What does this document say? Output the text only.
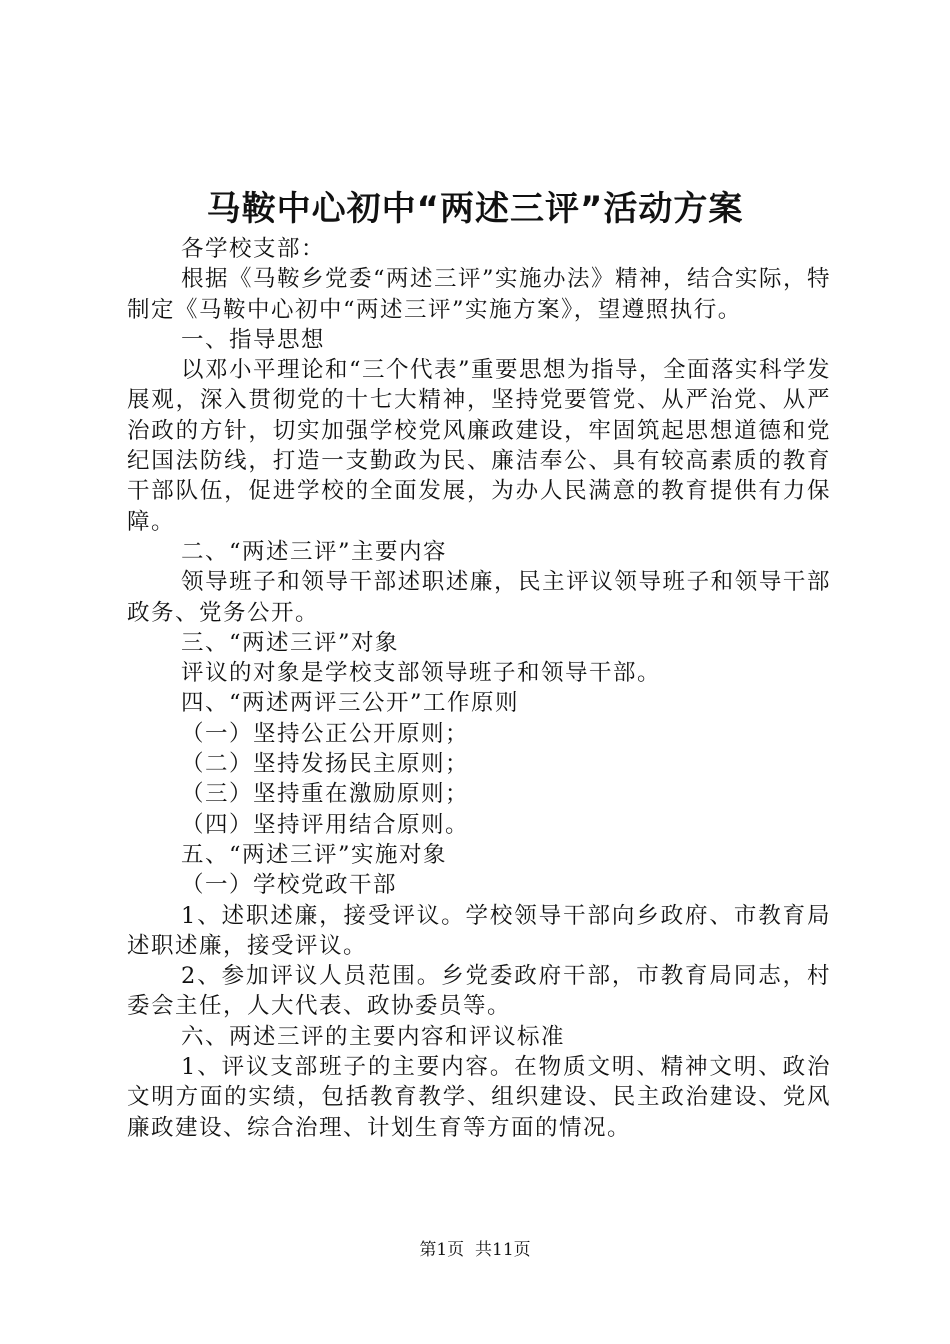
马鞍中心初中“两述三评”活动方案

各学校支部：

根据《马鞍乡党委“两述三评”实施办法》精神，结合实际，特制定《马鞍中心初中“两述三评”实施方案》，望遵照执行。

一、指导思想

以邓小平理论和“三个代表”重要思想为指导，全面落实科学发展观，深入贯彻党的十七大精神，坚持党要管党、从严治党、从严治政的方针，切实加强学校党风廉政建设，牢固筑起思想道德和党纪国法防线，打造一支勤政为民、廉洁奉公、具有较高素质的教育干部队伍，促进学校的全面发展，为办人民满意的教育提供有力保障。

二、“两述三评”主要内容

领导班子和领导干部述职述廉，民主评议领导班子和领导干部政务、党务公开。

三、“两述三评”对象

评议的对象是学校支部领导班子和领导干部。

四、“两述两评三公开”工作原则

（一）坚持公正公开原则；

（二）坚持发扬民主原则；

（三）坚持重在激励原则；

（四）坚持评用结合原则。

五、“两述三评”实施对象

（一）学校党政干部

1、述职述廉，接受评议。学校领导干部向乡政府、市教育局述职述廉，接受评议。

2、参加评议人员范围。乡党委政府干部，市教育局同志，村委会主任，人大代表、政协委员等。

六、两述三评的主要内容和评议标准

1、评议支部班子的主要内容。在物质文明、精神文明、政治文明方面的实绩，包括教育教学、组织建设、民主政治建设、党风廉政建设、综合治理、计划生育等方面的情况。

第1页 共11页
